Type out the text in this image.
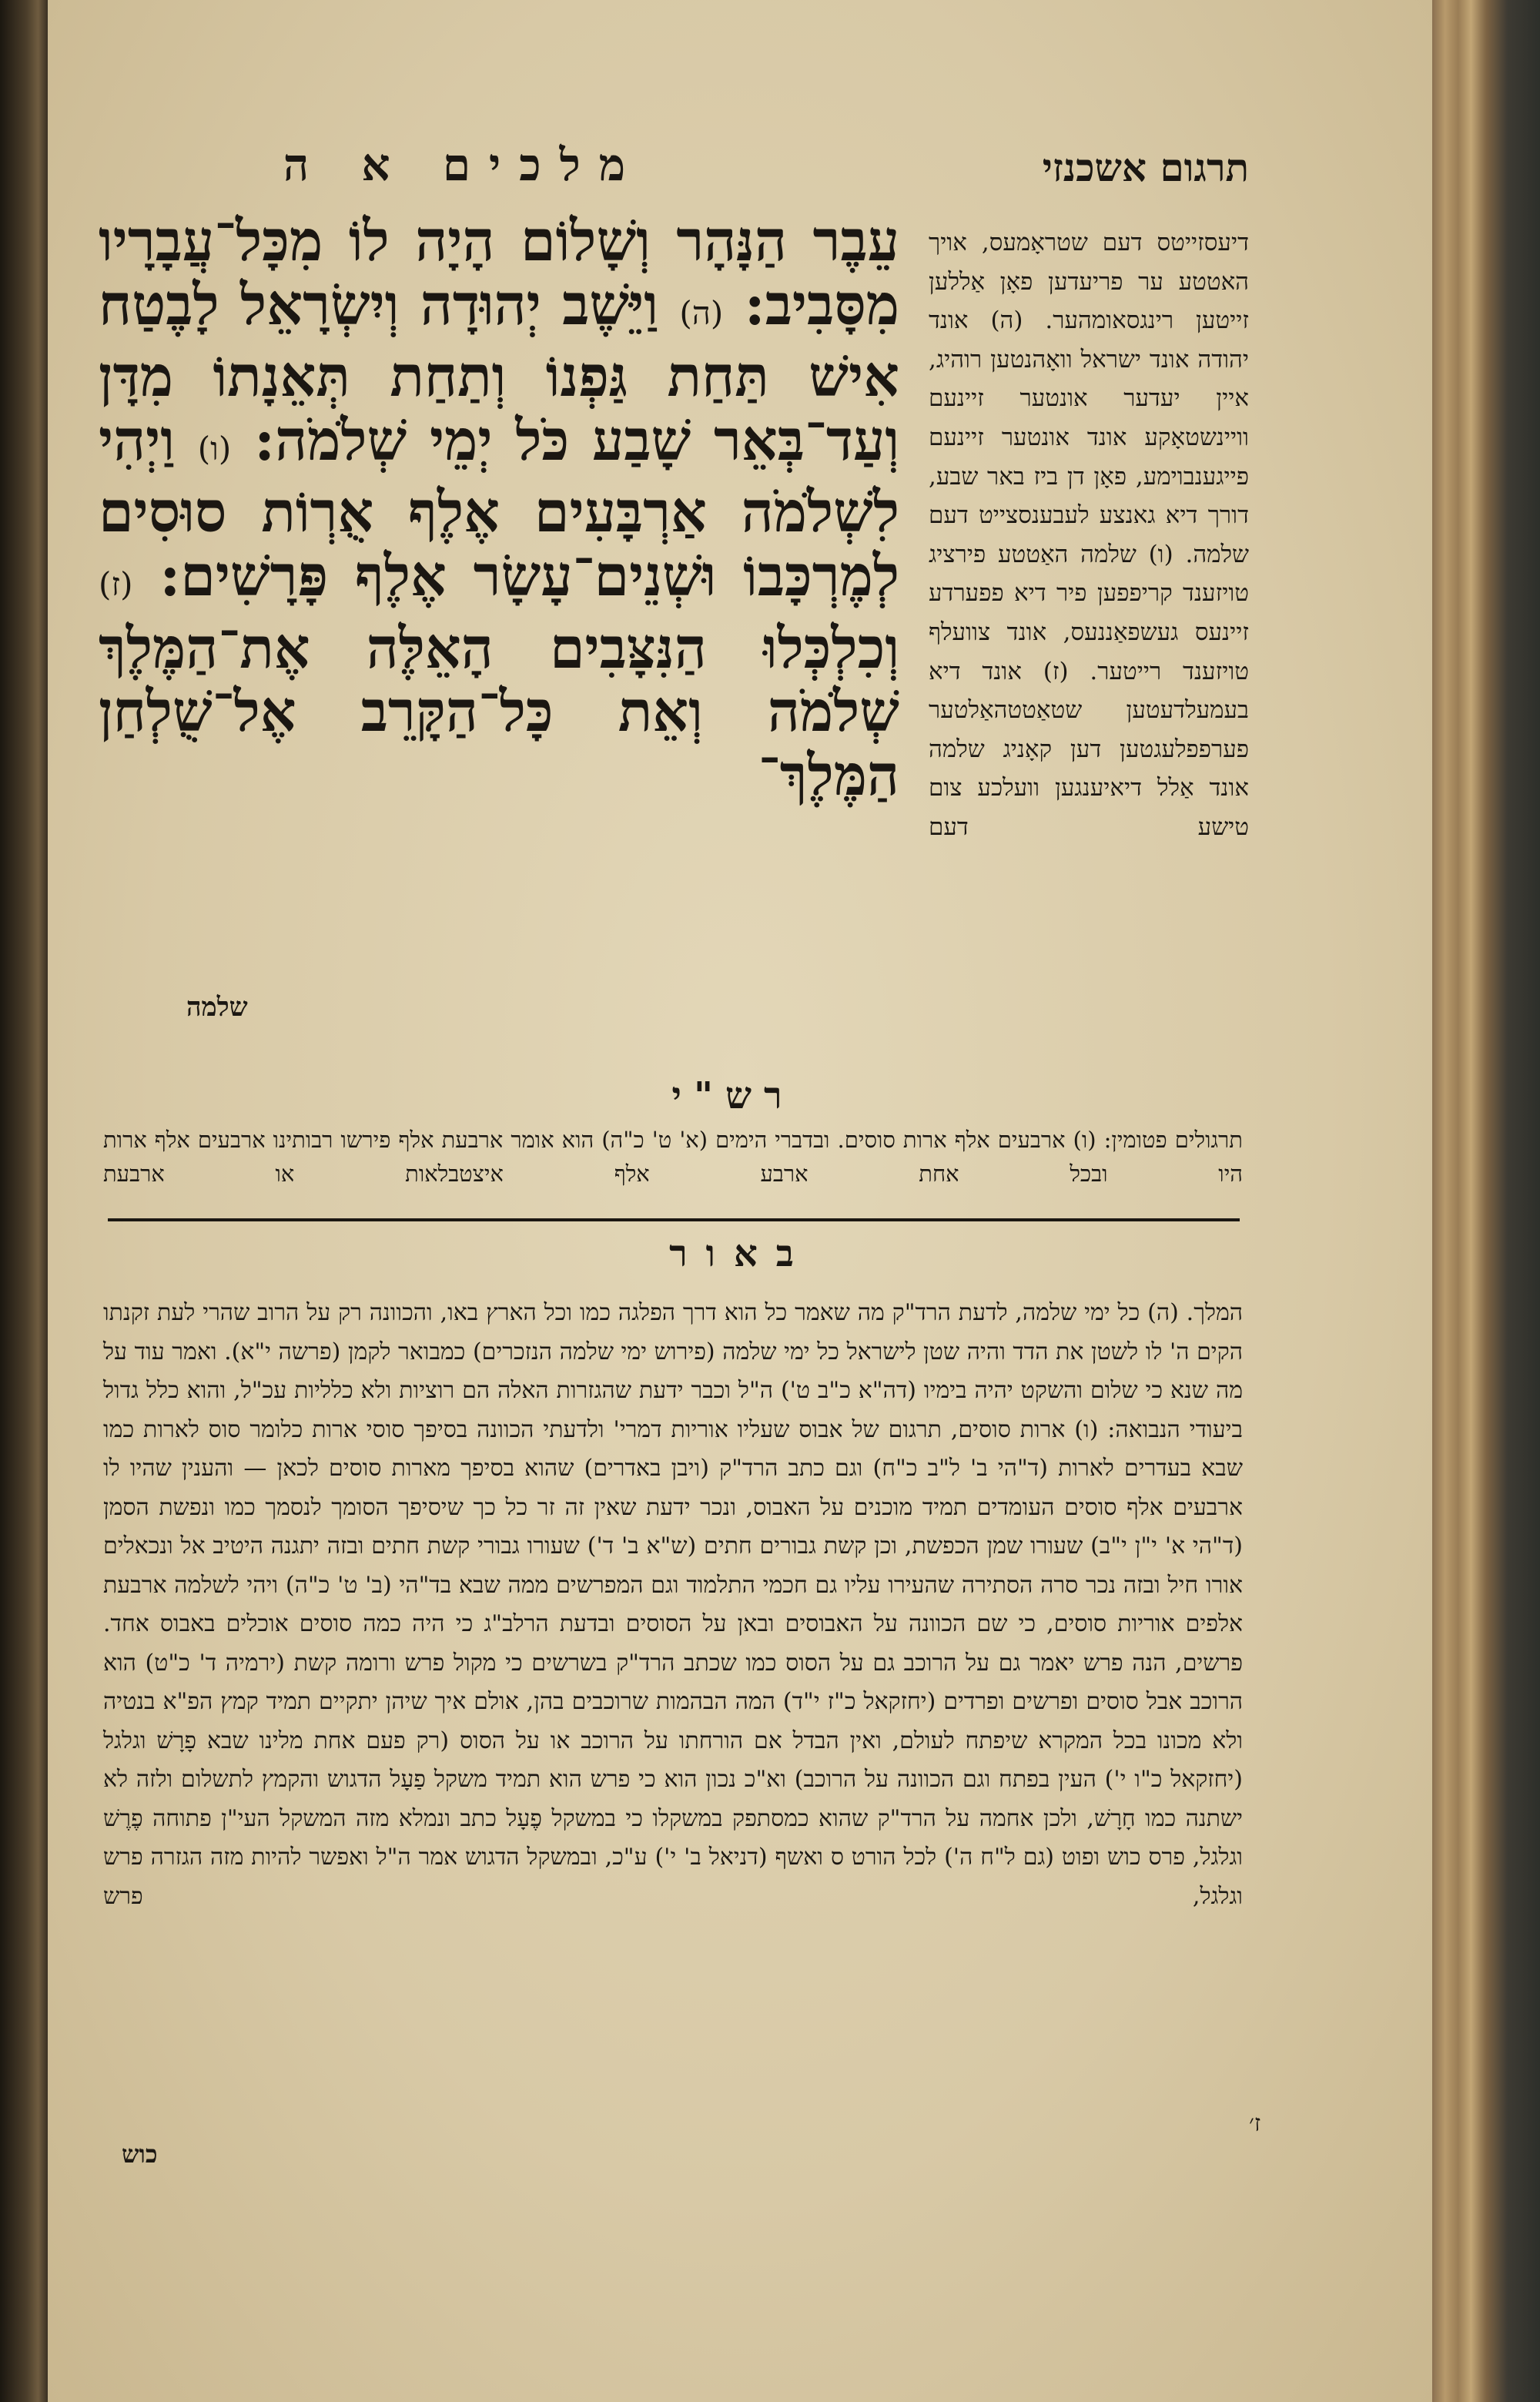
מלכים א ה	תרגום אשכנזי
עֵבֶר הַנָּהָר וְשָׁלוֹם הָיָה לוֹ מִכָּל־עֲבָרָיו מִסָּבִיב: (ה) וַיֵּשֶׁב יְהוּדָה וְיִשְׂרָאֵל לָבֶטַח אִישׁ תַּחַת גַּפְנוֹ וְתַחַת תְּאֵנָתוֹ מִדָּן וְעַד־בְּאֵר שָׁבַע כֹּל יְמֵי שְׁלֹמֹה: (ו) וַיְהִי לִשְׁלֹמֹה אַרְבָּעִים אֶלֶף אֻרְוֹת סוּסִים לְמֶרְכָּבוֹ וּשְׁנֵים־עָשָׂר אֶלֶף פָּרָשִׁים: (ז) וְכִלְכְּלוּ הַנִּצָּבִים הָאֵלֶּה אֶת־הַמֶּלֶךְ שְׁלֹמֹה וְאֵת כָּל־הַקָּרֵב אֶל־שֻׁלְחַן הַמֶּלֶךְ־
שלמה
דיעסזייטס דעם שטראָמעס, אויך האטטע ער פריעדען פאָן אַללען זייטען רינגסאומהער. (ה) אונד יהודה אונד ישראל וואָהנטען רוהיג, איין יעדער אונטער זיינעם וויינשטאָקע אונד אונטער זיינעם פייגענבוימע, פאָן דן ביז באר שבע, דורך דיא גאנצע לעבענסצייט דעם שלמה. (ו) שלמה האַטטע פירציג טויזענד קריפפען פיר דיא פפערדע זיינעס געשפאַננעס, אונד צוועלף טויזענד רייטער. (ז) אונד דיא בעמעלדעטען שטאַטטהאַלטער פערפפלעגטען דען קאָניג שלמה אונד אַלל דיאיענגען וועלכע צום טישע דעם
רש"י
תרגולים פטומין: (ו) ארבעים אלף ארות סוסים. ובדברי הימים (א' ט' כ"ה) הוא אומר ארבעת אלף פירשו רבותינו ארבעים אלף ארות היו ובכל אחת ארבע אלף איצטבלאות או ארבעת
באור

המלך. (ה) כל ימי שלמה, לדעת הרד"ק מה שאמר כל הוא דרך הפלגה כמו וכל הארץ באו, והכוונה רק על הרוב שהרי לעת זקנתו הקים ה' לו לשטן את הדד והיה שטן לישראל כל ימי שלמה (פירוש ימי שלמה הנזכרים) כמבואר לקמן (פרשה י"א). ואמר עוד על מה שנא כי שלום והשקט יהיה בימיו (דה"א כ"ב ט') ה"ל וכבר ידעת שהגזרות האלה הם רוציות ולא כלליות עכ"ל, והוא כלל גדול ביעודי הנבואה: (ו) ארות סוסים, תרגום של אבוס שעליו אוריות דמרי' ולדעתי הכוונה בסיפך סוסי ארות כלומר סוס לארות כמו שבא בעדרים לארות (ד"הי ב' ל"ב כ"ח) וגם כתב הרד"ק (ויבן באדרים) שהוא בסיפך מארות סוסים לכאן — והענין שהיו לו ארבעים אלף סוסים העומדים תמיד מוכנים על האבוס, ונכר ידעת שאין זה זר כל כך שיסיפך הסומך לנסמך כמו ונפשת הסמן (ד"הי א' י"ן י"ב) שעורו שמן הכפשת, וכן קשת גבורים חתים (ש"א ב' ד') שעורו גבורי קשת חתים ובזה יתגנה היטיב אל ונכאלים אורו חיל ובזה נכר סרה הסתירה שהעירו עליו גם חכמי התלמוד וגם המפרשים ממה שבא בד"הי (ב' ט' כ"ה) ויהי לשלמה ארבעת אלפים אוריות סוסים, כי שם הכוונה על האבוסים ובאן על הסוסים ובדעת הרלב"ג כי היה כמה סוסים אוכלים באבוס אחד. פרשים, הנה פרש יאמר גם על הרוכב גם על הסוס כמו שכתב הרד"ק בשרשים כי מקול פרש ורומה קשת (ירמיה ד' כ"ט) הוא הרוכב אבל סוסים ופרשים ופרדים (יחזקאל כ"ז י"ד) המה הבהמות שרוכבים בהן, אולם איך שיהן יתקיים תמיד קמץ הפ"א בנטיה ולא מכונו בכל המקרא שיפתח לעולם, ואין הבדל אם הורחתו על הרוכב או על הסוס (רק פעם אחת מלינו שבא פָרָשׁ וגלגל (יחזקאל כ"ו י') העין בפתח וגם הכוונה על הרוכב) וא"כ נכון הוא כי פרש הוא תמיד משקל פַעָל הדגוש והקמץ לתשלום ולזה לא ישתנה כמו חָרָשׁ, ולכן אחמה על הרד"ק שהוא כמסתפק במשקלו כי במשקל פֶעָל כתב ונמלא מזה המשקל העי"ן פתוחה פֶרֶשׁ וגלגל, פרס כוש ופוט (גם ל"ח ה') לכל הורט ס ואשף (דניאל ב' י') ע"כ, ובמשקל הדגוש אמר ה"ל ואפשר להיות מזה הגזרה פרש וגלגל, פרש

כוש
ז׳
